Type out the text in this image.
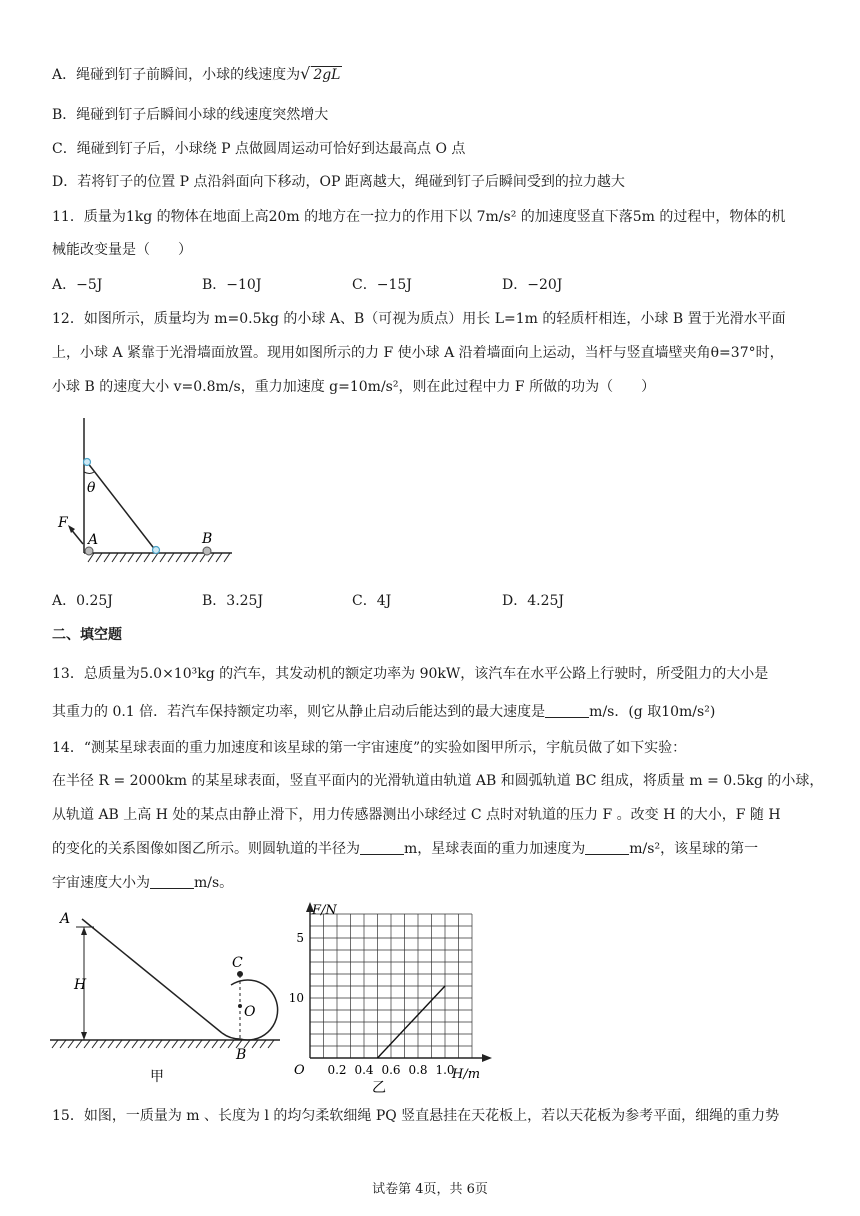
A．绳碰到钉子前瞬间，小球的线速度为√ 2gL
B．绳碰到钉子后瞬间小球的线速度突然增大
C．绳碰到钉子后，小球绕 P 点做圆周运动可恰好到达最高点 O 点
D．若将钉子的位置 P 点沿斜面向下移动，OP 距离越大，绳碰到钉子后瞬间受到的拉力越大
11．质量为1kg 的物体在地面上高20m 的地方在一拉力的作用下以 7m/s² 的加速度竖直下落5m 的过程中，物体的机
械能改变量是（　　）
A．−5J	B．−10J	C．−15J	D．−20J
12．如图所示，质量均为 m=0.5kg 的小球 A、B（可视为质点）用长 L=1m 的轻质杆相连，小球 B 置于光滑水平面
上，小球 A 紧靠于光滑墙面放置。现用如图所示的力 F 使小球 A 沿着墙面向上运动，当杆与竖直墙壁夹角θ=37°时，
小球 B 的速度大小 v=0.8m/s，重力加速度 g=10m/s²，则在此过程中力 F 所做的功为（　　）
θ
F
A	B
A．0.25J	B．3.25J	C．4J	D．4.25J
二、填空题
13．总质量为5.0×10³kg 的汽车，其发动机的额定功率为 90kW，该汽车在水平公路上行驶时，所受阻力的大小是
其重力的 0.1 倍．若汽车保持额定功率，则它从静止启动后能达到的最大速度是	m/s．(g 取10m/s²)
14．“测某星球表面的重力加速度和该星球的第一宇宙速度”的实验如图甲所示，宇航员做了如下实验：
在半径 R = 2000km 的某星球表面，竖直平面内的光滑轨道由轨道 AB 和圆弧轨道 BC 组成，将质量 m = 0.5kg 的小球，
从轨道 AB 上高 H 处的某点由静止滑下，用力传感器测出小球经过 C 点时对轨道的压力 F 。改变 H 的大小，F 随 H
的变化的关系图像如图乙所示。则圆轨道的半径为	m，星球表面的重力加速度为	m/s²，该星球的第一
宇宙速度大小为	m/s。
A
H
C
O
B
甲
F/N
H/m
O
10
5
0.2 0.4 0.6 0.8 1.0
乙
15．如图，一质量为 m 、长度为 l 的均匀柔软细绳 PQ 竖直悬挂在天花板上，若以天花板为参考平面，细绳的重力势
试卷第 4页，共 6页
